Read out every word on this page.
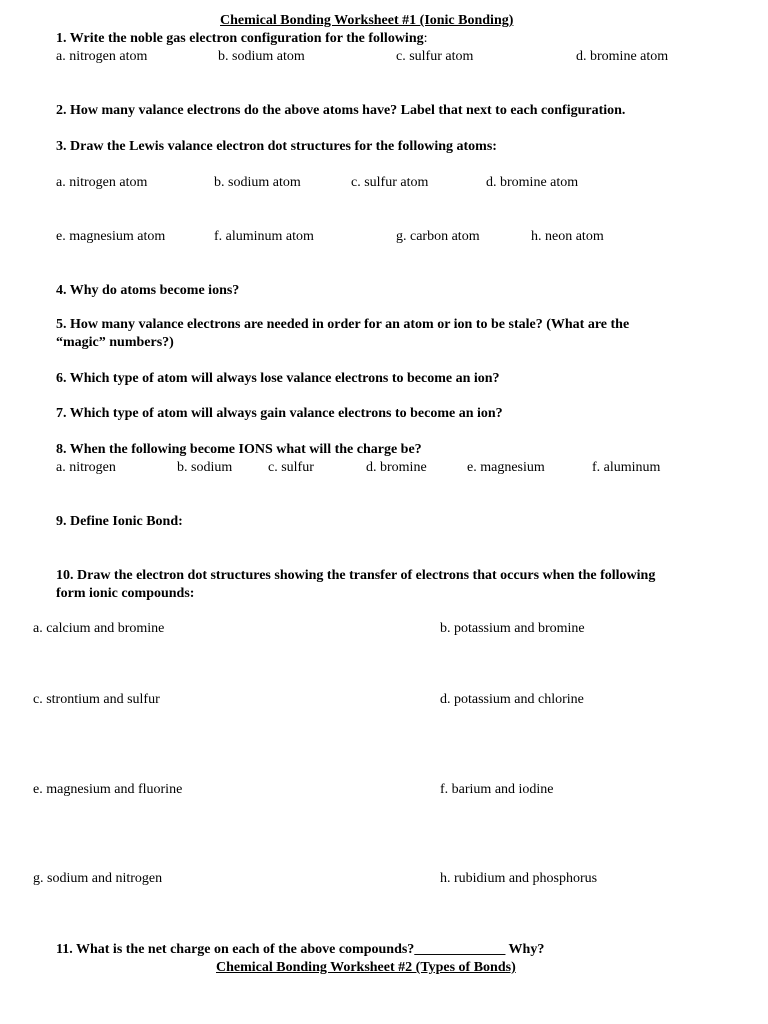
Chemical Bonding Worksheet #1 (Ionic Bonding)
1. Write the noble gas electron configuration for the following:
a. nitrogen atom	b. sodium atom	c. sulfur atom	d. bromine atom
2. How many valance electrons do the above atoms have? Label that next to each configuration.
3. Draw the Lewis valance electron dot structures for the following atoms:
a. nitrogen atom	b. sodium atom	c. sulfur atom	d. bromine atom
e. magnesium atom	f. aluminum atom	g. carbon atom	h. neon atom
4. Why do atoms become ions?
5. How many valance electrons are needed in order for an atom or ion to be stale? (What are the
“magic” numbers?)
6. Which type of atom will always lose valance electrons to become an ion?
7. Which type of atom will always gain valance electrons to become an ion?
8. When the following become IONS what will the charge be?
a. nitrogen	b. sodium	c. sulfur	d. bromine	e. magnesium	f. aluminum
9. Define Ionic Bond:
10. Draw the electron dot structures showing the transfer of electrons that occurs when the following
form ionic compounds:
a. calcium and bromine	b. potassium and bromine
c. strontium and sulfur	d. potassium and chlorine
e. magnesium and fluorine	f. barium and iodine
g. sodium and nitrogen	h. rubidium and phosphorus
11. What is the net charge on each of the above compounds?_____________ Why?
Chemical Bonding Worksheet #2 (Types of Bonds)
